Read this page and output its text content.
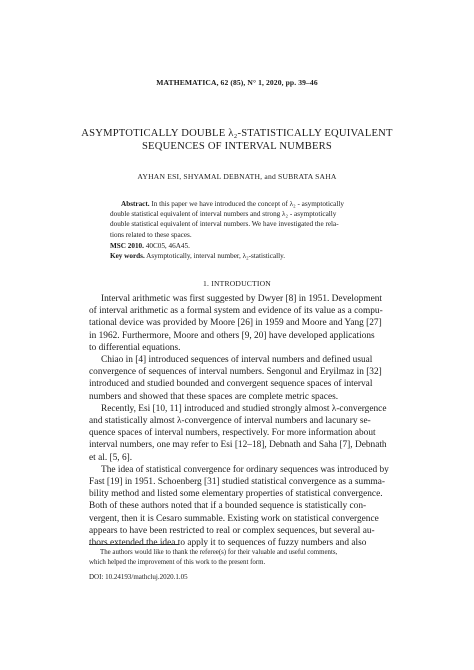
MATHEMATICA, 62 (85), N° 1, 2020, pp. 39–46
ASYMPTOTICALLY DOUBLE λ₂-STATISTICALLY EQUIVALENT
SEQUENCES OF INTERVAL NUMBERS
AYHAN ESI, SHYAMAL DEBNATH, and SUBRATA SAHA

Abstract. In this paper we have introduced the concept of λ₂ - asymptotically
double statistical equivalent of interval numbers and strong λ₂ - asymptotically
double statistical equivalent of interval numbers. We have investigated the rela-
tions related to these spaces.

MSC 2010. 40C05, 46A45.

Key words. Asymptotically, interval number, λ₂-statistically.

1. INTRODUCTION

Interval arithmetic was first suggested by Dwyer [8] in 1951. Development
of interval arithmetic as a formal system and evidence of its value as a compu-
tational device was provided by Moore [26] in 1959 and Moore and Yang [27]
in 1962. Furthermore, Moore and others [9, 20] have developed applications
to differential equations.

Chiao in [4] introduced sequences of interval numbers and defined usual
convergence of sequences of interval numbers. Sengonul and Eryilmaz in [32]
introduced and studied bounded and convergent sequence spaces of interval
numbers and showed that these spaces are complete metric spaces.

Recently, Esi [10, 11] introduced and studied strongly almost λ-convergence
and statistically almost λ-convergence of interval numbers and lacunary se-
quence spaces of interval numbers, respectively. For more information about
interval numbers, one may refer to Esi [12–18], Debnath and Saha [7], Debnath
et al. [5, 6].

The idea of statistical convergence for ordinary sequences was introduced by
Fast [19] in 1951. Schoenberg [31] studied statistical convergence as a summa-
bility method and listed some elementary properties of statistical convergence.
Both of these authors noted that if a bounded sequence is statistically con-
vergent, then it is Cesaro summable. Existing work on statistical convergence
appears to have been restricted to real or complex sequences, but several au-
thors extended the idea to apply it to sequences of fuzzy numbers and also

The authors would like to thank the referee(s) for their valuable and useful comments,
which helped the improvement of this work to the present form.
DOI: 10.24193/mathcluj.2020.1.05
